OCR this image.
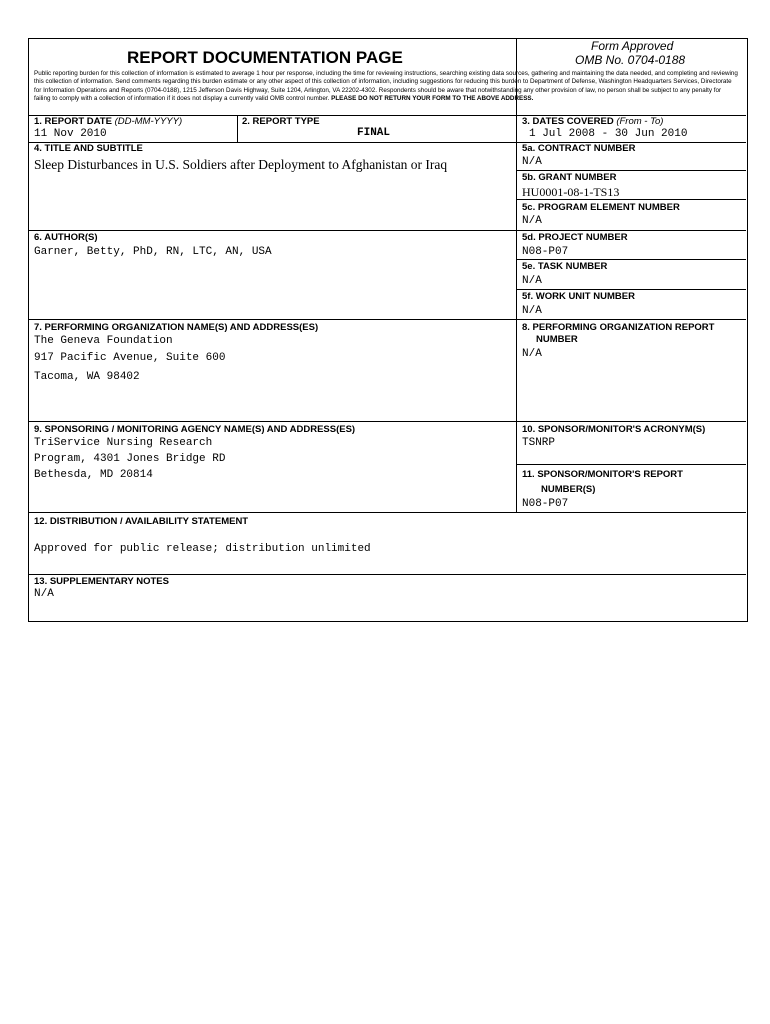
REPORT DOCUMENTATION PAGE
Form Approved
OMB No. 0704-0188
Public reporting burden for this collection of information is estimated to average 1 hour per response, including the time for reviewing instructions, searching existing data sources, gathering and maintaining the data needed, and completing and reviewing this collection of information. Send comments regarding this burden estimate or any other aspect of this collection of information, including suggestions for reducing this burden to Department of Defense, Washington Headquarters Services, Directorate for Information Operations and Reports (0704-0188), 1215 Jefferson Davis Highway, Suite 1204, Arlington, VA 22202-4302. Respondents should be aware that notwithstanding any other provision of law, no person shall be subject to any penalty for failing to comply with a collection of information if it does not display a currently valid OMB control number. PLEASE DO NOT RETURN YOUR FORM TO THE ABOVE ADDRESS.
1. REPORT DATE (DD-MM-YYYY)
11 Nov 2010
2. REPORT TYPE
FINAL
3. DATES COVERED (From - To)
1 Jul 2008 - 30 Jun 2010
4. TITLE AND SUBTITLE
Sleep Disturbances in U.S. Soldiers after Deployment to Afghanistan or Iraq
5a. CONTRACT NUMBER
N/A
5b. GRANT NUMBER
HU0001-08-1-TS13
5c. PROGRAM ELEMENT NUMBER
N/A
6. AUTHOR(S)
Garner, Betty, PhD, RN, LTC, AN, USA
5d. PROJECT NUMBER
N08-P07
5e. TASK NUMBER
N/A
5f. WORK UNIT NUMBER
N/A
7. PERFORMING ORGANIZATION NAME(S) AND ADDRESS(ES)
The Geneva Foundation
917 Pacific Avenue, Suite 600
Tacoma, WA 98402
8. PERFORMING ORGANIZATION REPORT
NUMBER
N/A
9. SPONSORING / MONITORING AGENCY NAME(S) AND ADDRESS(ES)
TriService Nursing Research
Program, 4301 Jones Bridge RD
Bethesda, MD 20814
10. SPONSOR/MONITOR'S ACRONYM(S)
TSNRP
11. SPONSOR/MONITOR'S REPORT
NUMBER(S)
N08-P07
12. DISTRIBUTION / AVAILABILITY STATEMENT
Approved for public release; distribution unlimited
13. SUPPLEMENTARY NOTES
N/A
